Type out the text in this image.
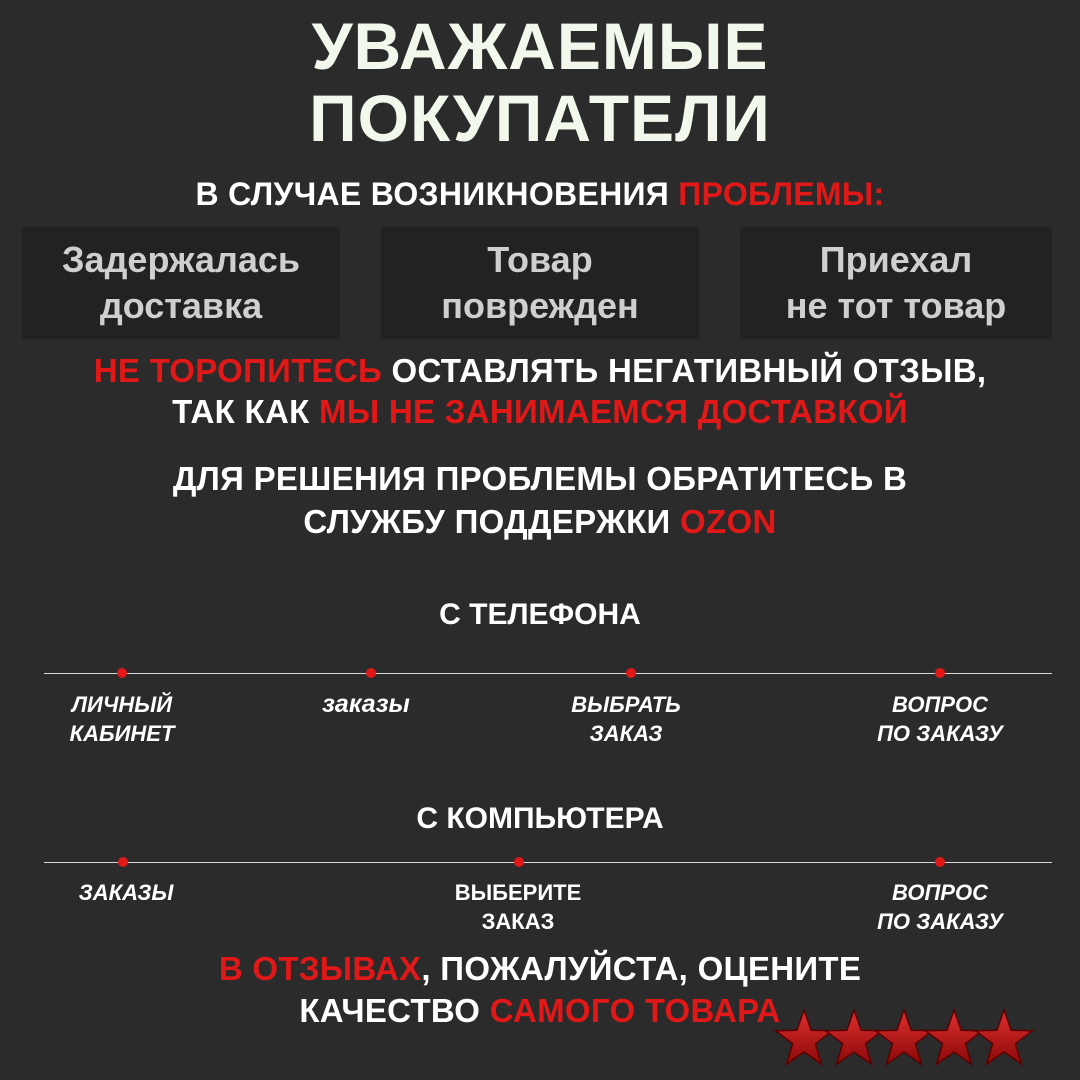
УВАЖАЕМЫЕ
ПОКУПАТЕЛИ
В СЛУЧАЕ ВОЗНИКНОВЕНИЯ ПРОБЛЕМЫ:
Задержалась
доставка
Товар
поврежден
Приехал
не тот товар
НЕ ТОРОПИТЕСЬ ОСТАВЛЯТЬ НЕГАТИВНЫЙ ОТЗЫВ,
ТАК КАК МЫ НЕ ЗАНИМАЕМСЯ ДОСТАВКОЙ
ДЛЯ РЕШЕНИЯ ПРОБЛЕМЫ ОБРАТИТЕСЬ В
СЛУЖБУ ПОДДЕРЖКИ OZON
С ТЕЛЕФОНА
ЛИЧНЫЙ
КАБИНЕТ
заказы	ВЫБРАТЬ
ЗАКАЗ
ВОПРОС
ПО ЗАКАЗУ
С КОМПЬЮТЕРА
ЗАКАЗЫ	ВЫБЕРИТЕ
ЗАКАЗ
ВОПРОС
ПО ЗАКАЗУ
В ОТЗЫВАХ, ПОЖАЛУЙСТА, ОЦЕНИТЕ
КАЧЕСТВО САМОГО ТОВАРА
